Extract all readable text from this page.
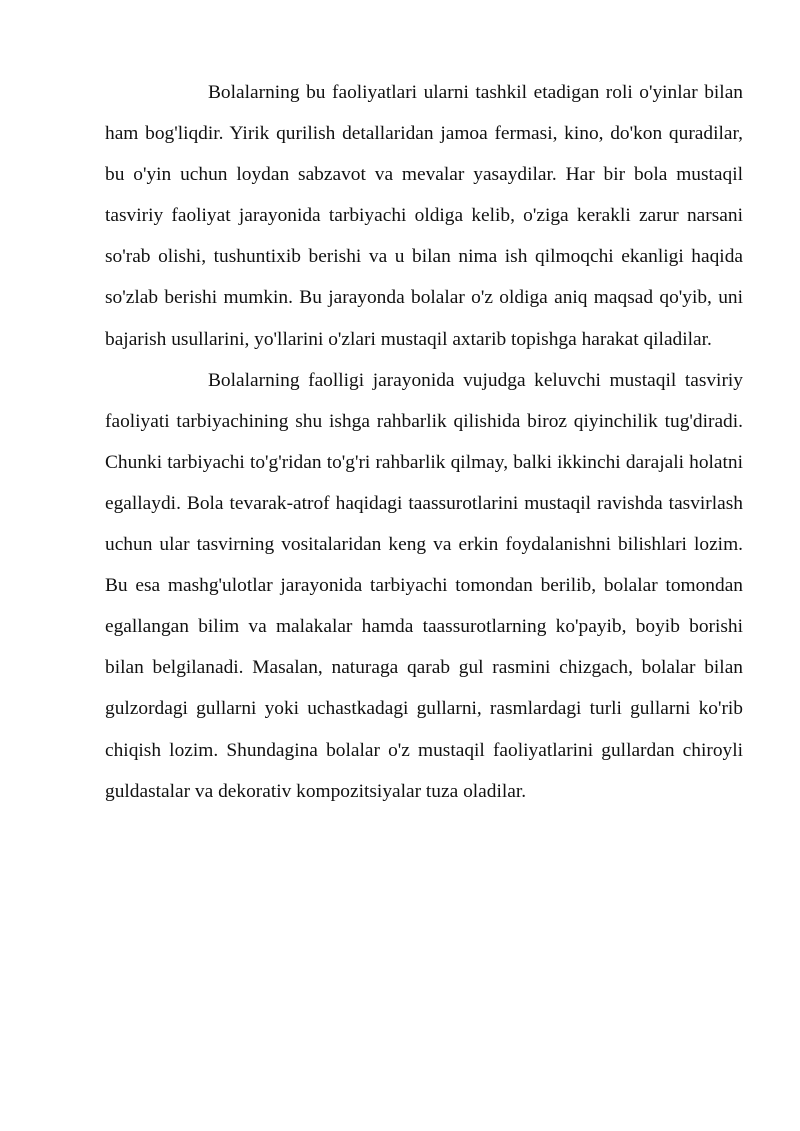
Bolalarning bu faoliyatlari ularni tashkil etadigan roli o'yinlar bilan ham bog'liqdir. Yirik qurilish detallaridan jamoa fermasi, kino, do'kon quradilar, bu o'yin uchun loydan sabzavot va mevalar yasaydilar. Har bir bola mustaqil tasviriy faoliyat jarayonida tarbiyachi oldiga kelib, o'ziga kerakli zarur narsani so'rab olishi, tushuntixib berishi va u bilan nima ish qilmoqchi ekanligi haqida so'zlab berishi mumkin. Bu jarayonda bolalar o'z oldiga aniq maqsad qo'yib, uni bajarish usullarini, yo'llarini o'zlari mustaqil axtarib topishga harakat qiladilar.

Bolalarning faolligi jarayonida vujudga keluvchi mustaqil tasviriy faoliyati tarbiyachining shu ishga rahbarlik qilishida biroz qiyinchilik tug'diradi. Chunki tarbiyachi to'g'ridan to'g'ri rahbarlik qilmay, balki ikkinchi darajali holatni egallaydi. Bola tevarak-atrof haqidagi taassurotlarini mustaqil ravishda tasvirlash uchun ular tasvirning vositalaridan keng va erkin foydalanishni bilishlari lozim. Bu esa mashg'ulotlar jarayonida tarbiyachi tomondan berilib, bolalar tomondan egallangan bilim va malakalar hamda taassurotlarning ko'payib, boyib borishi bilan belgilanadi. Masalan, naturaga qarab gul rasmini chizgach, bolalar bilan gulzordagi gullarni yoki uchastkadagi gullarni, rasmlardagi turli gullarni ko'rib chiqish lozim. Shundagina bolalar o'z mustaqil faoliyatlarini gullardan chiroyli guldastalar va dekorativ kompozitsiyalar tuza oladilar.
